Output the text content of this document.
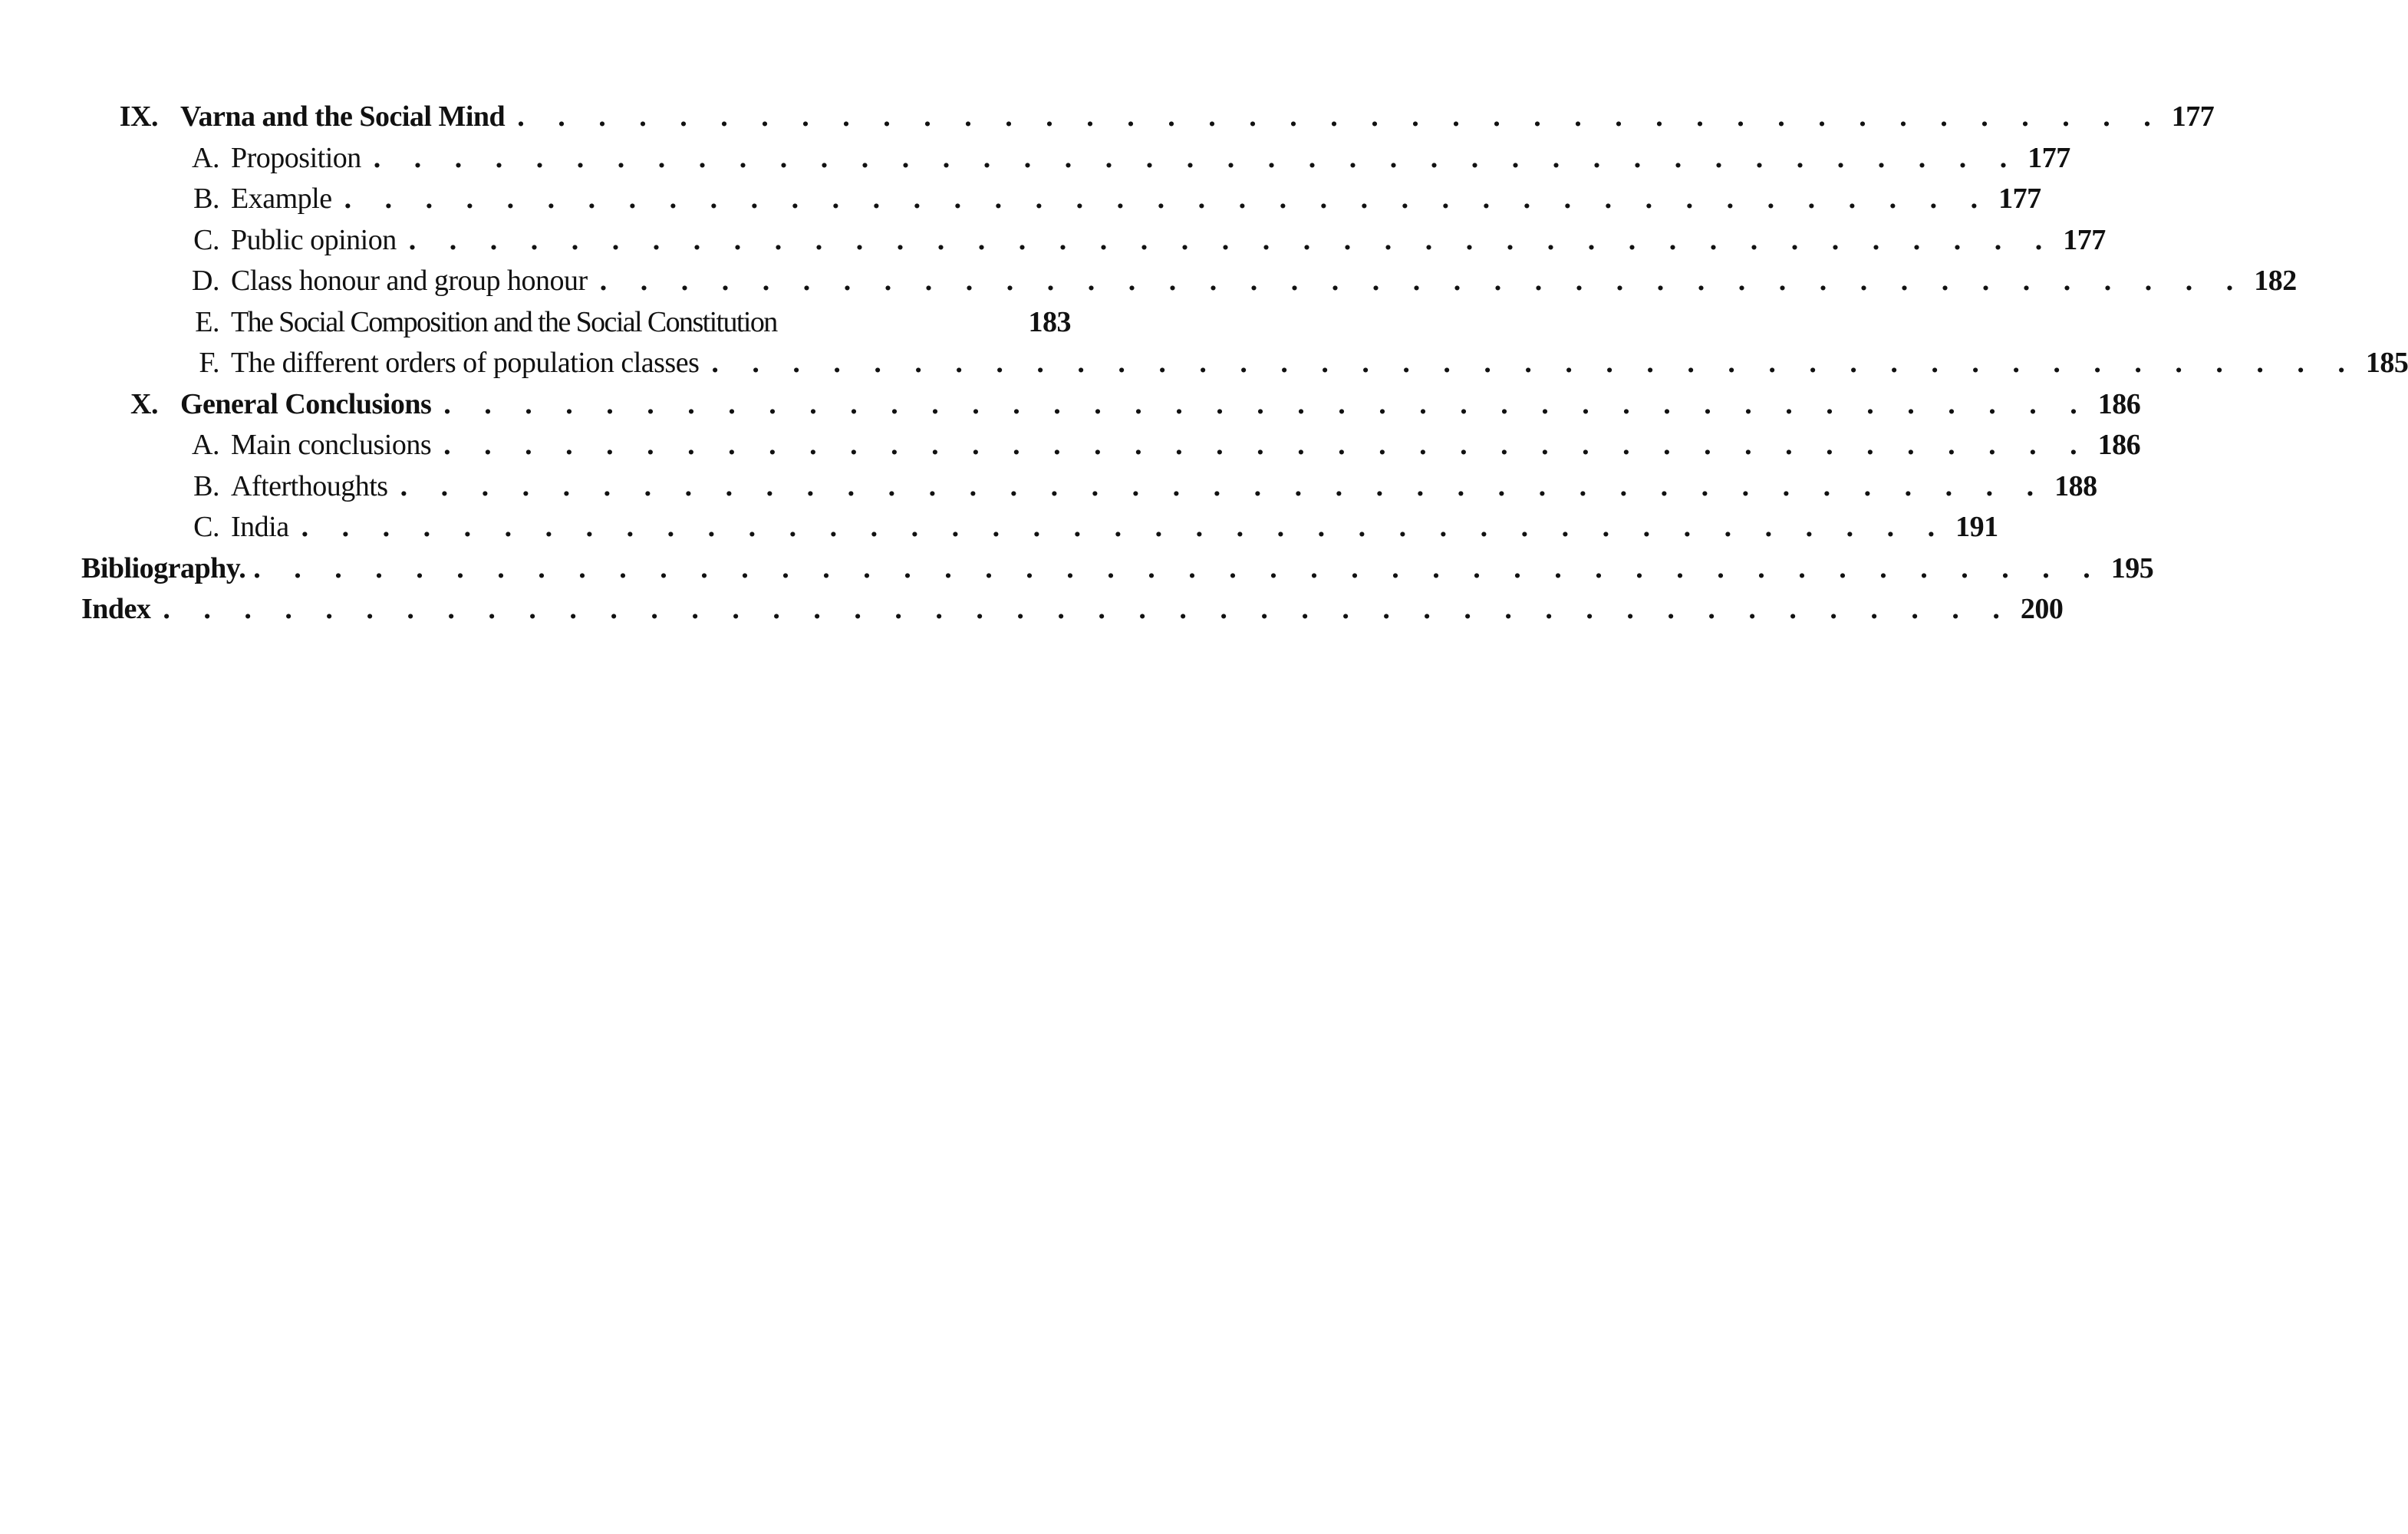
IX. Varna and the Social Mind . . . . . . . . . . . . . . . . . . . . . . . . . . . . . . . . . . . . . . . . . 177
A. Proposition . . . . . . . . . . . . . . . . . . . . . . . . . . . . . . . . . . . . . . . . . 177
B. Example . . . . . . . . . . . . . . . . . . . . . . . . . . . . . . . . . . . . . . . . . 177
C. Public opinion . . . . . . . . . . . . . . . . . . . . . . . . . . . . . . . . . . . . . . . . . 177
D. Class honour and group honour . . . . . . . . . . . . . . . . . . . . . . . . . . . . . . . . . . . . . . . . . 182
E. The Social Composition and the Social Constitution	183
F. The different orders of population classes . . . . . . . . . . . . . . . . . . . . . . . . . . . . . . . . . . . . . . . . . 185
X. General Conclusions . . . . . . . . . . . . . . . . . . . . . . . . . . . . . . . . . . . . . . . . . 186
A. Main conclusions . . . . . . . . . . . . . . . . . . . . . . . . . . . . . . . . . . . . . . . . . 186
B. Afterthoughts . . . . . . . . . . . . . . . . . . . . . . . . . . . . . . . . . . . . . . . . . 188
C. India . . . . . . . . . . . . . . . . . . . . . . . . . . . . . . . . . . . . . . . . . 191
Bibliography. . . . . . . . . . . . . . . . . . . . . . . . . . . . . . . . . . . . . . . . . . . . . . . 195
Index . . . . . . . . . . . . . . . . . . . . . . . . . . . . . . . . . . . . . . . . . . . . . . 200
